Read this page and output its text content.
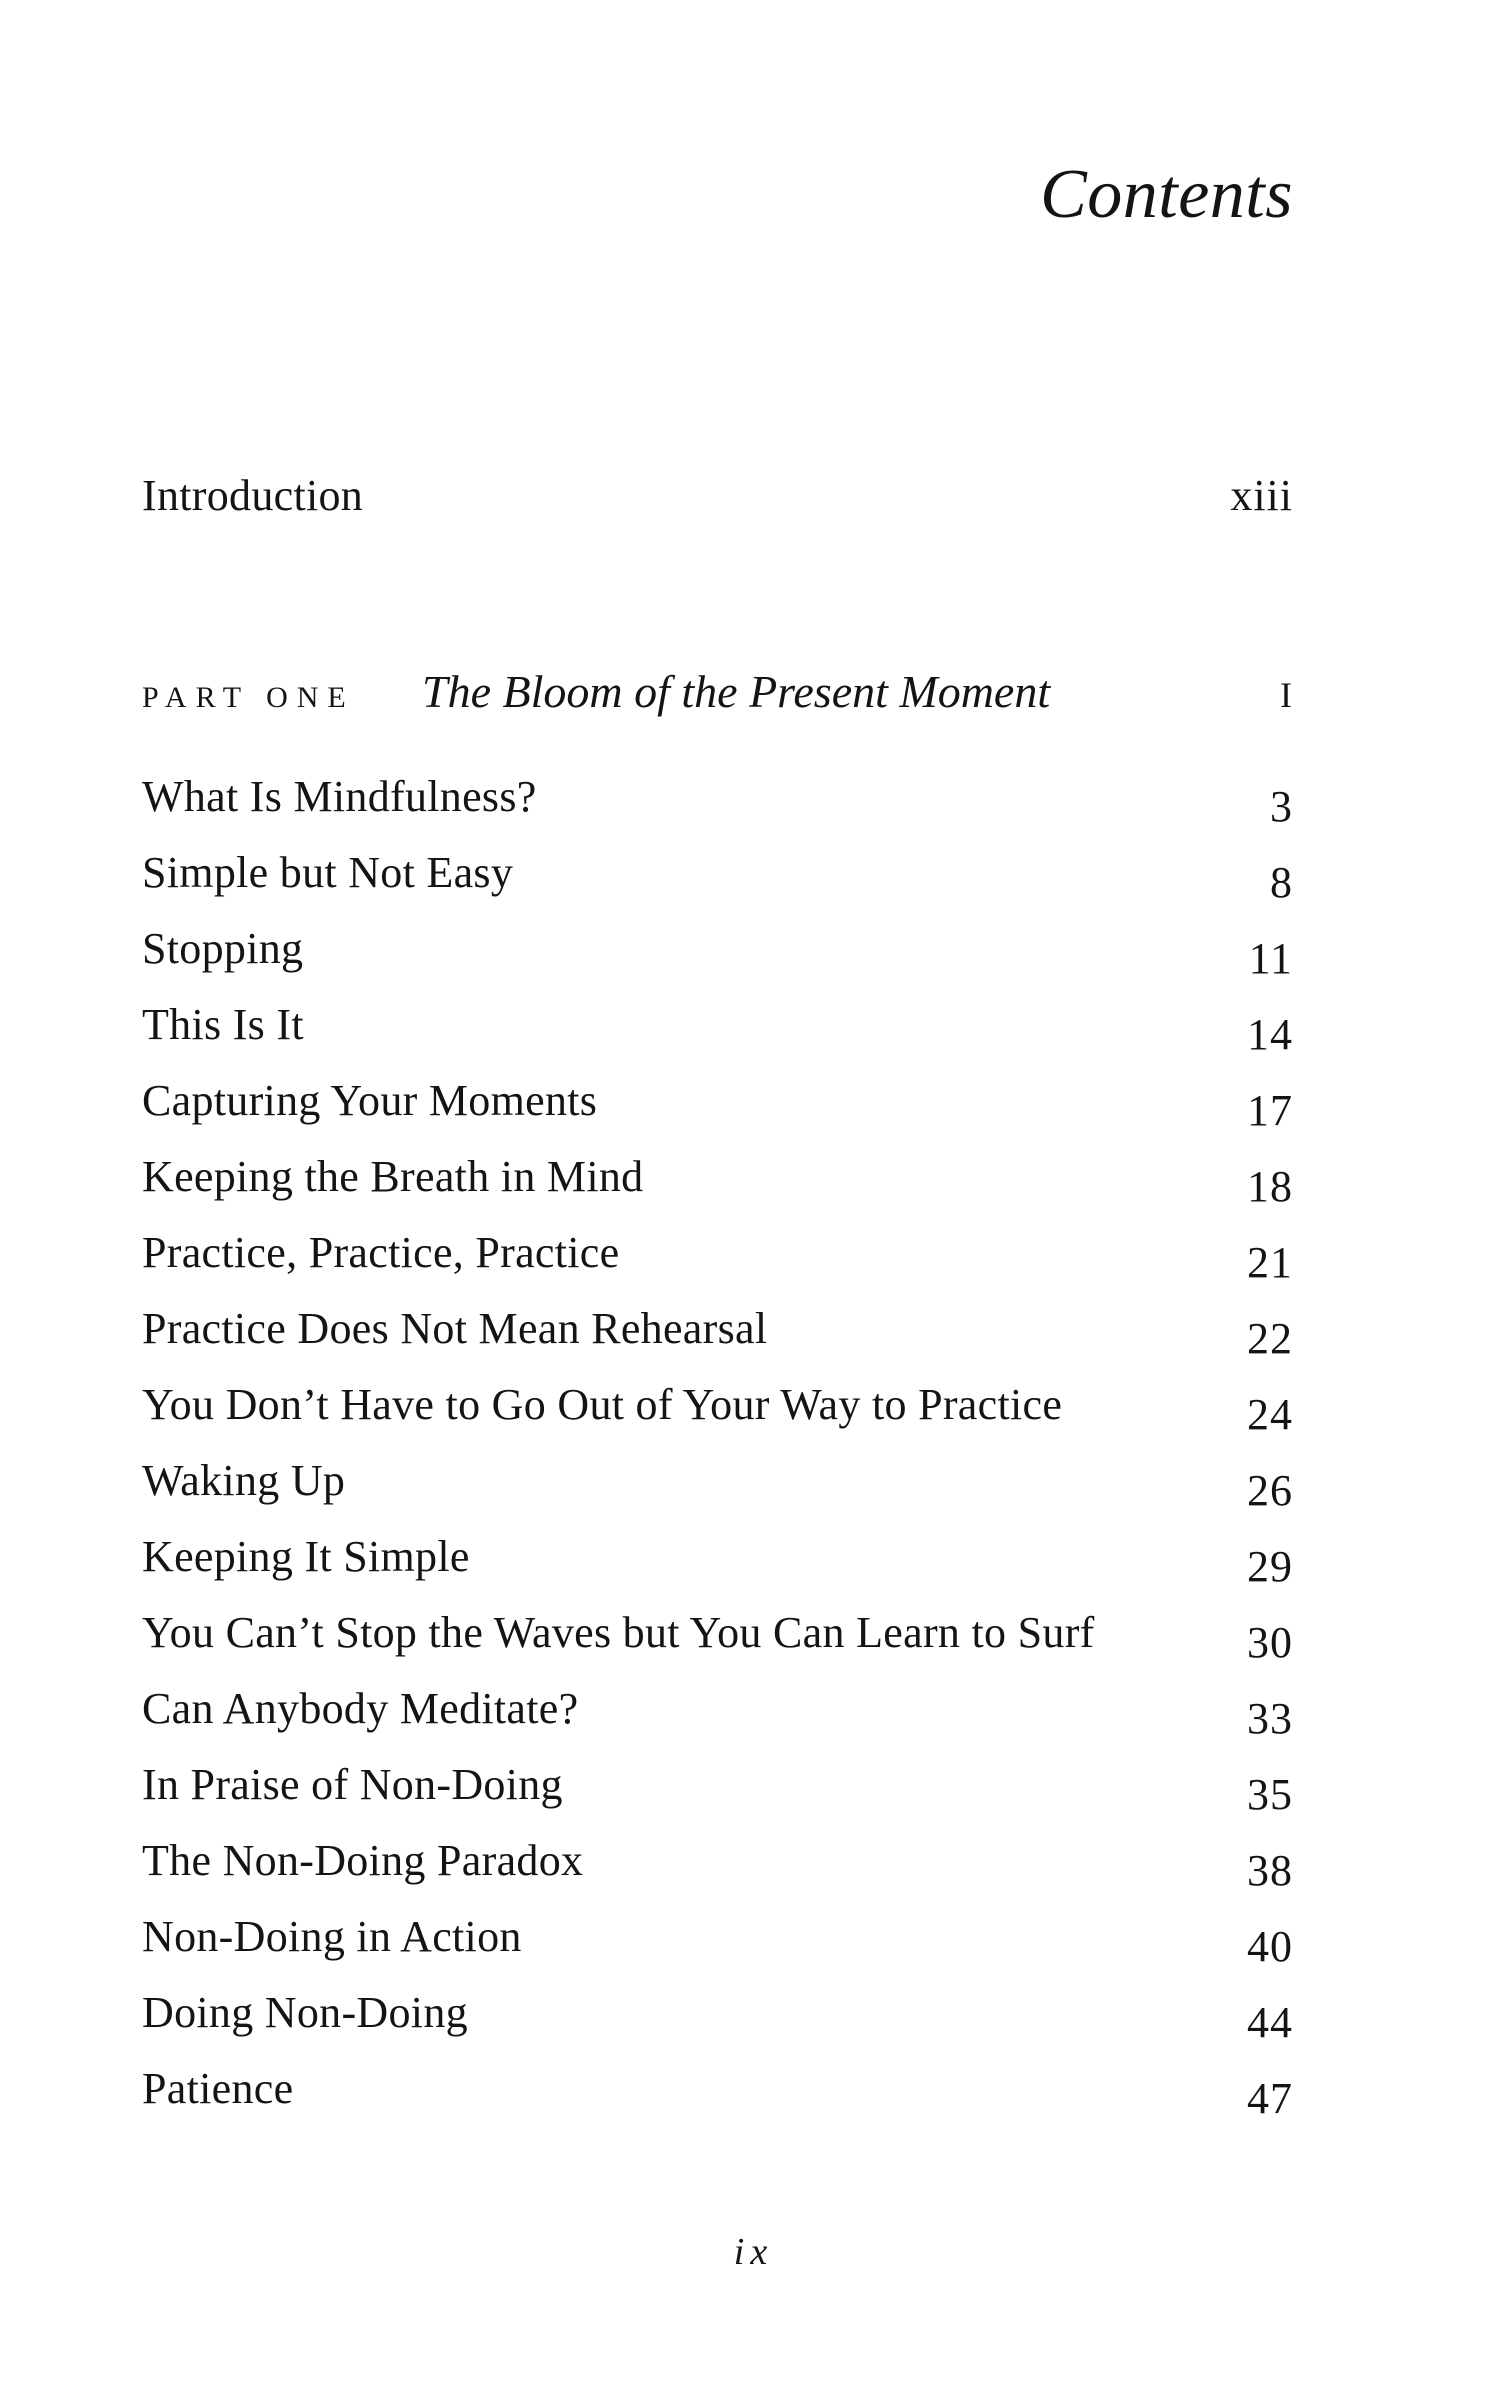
Contents
Introduction	xiii
PART ONE	The Bloom of the Present Moment	I
What Is Mindfulness?	3
Simple but Not Easy	8
Stopping	11
This Is It	14
Capturing Your Moments	17
Keeping the Breath in Mind	18
Practice, Practice, Practice	21
Practice Does Not Mean Rehearsal	22
You Don’t Have to Go Out of Your Way to Practice	24
Waking Up	26
Keeping It Simple	29
You Can’t Stop the Waves but You Can Learn to Surf	30
Can Anybody Meditate?	33
In Praise of Non-Doing	35
The Non-Doing Paradox	38
Non-Doing in Action	40
Doing Non-Doing	44
Patience	47
ix
